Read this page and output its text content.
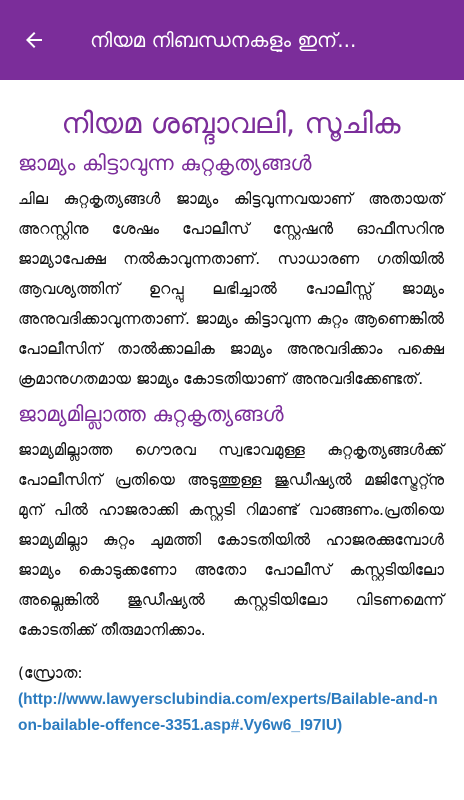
നിയമ നിബന്ധനകളും ഇന്...
നിയമ ശബ്ദാവലി, സൂചിക
ജാമ്യം കിട്ടാവുന്ന കുറ്റകൃത്യങ്ങൾ

ചില കുറ്റകൃത്യങ്ങൾ ജാമ്യം കിട്ടവുന്നവയാണ് അതായത് അറസ്റ്റിനു ശേഷം പോലീസ് സ്റ്റേഷൻ ഓഫീസറിനു ജാമ്യാപേക്ഷ നൽകാവുന്നതാണ്. സാധാരണ ഗതിയിൽ ആവശ്യത്തിന് ഉറപ്പു ലഭിച്ചാൽ പോലീസ്സ് ജാമ്യം അനുവദിക്കാവുന്നതാണ്. ജാമ്യം കിട്ടാവുന്ന കുറ്റം ആണെങ്കിൽ പോലീസിന് താൽക്കാലിക ജാമ്യം അനുവദിക്കാം പക്ഷെ ക്രമാനുഗതമായ ജാമ്യം കോടതിയാണ് അനുവദിക്കേണ്ടത്.

ജാമ്യമില്ലാത്ത കുറ്റകൃത്യങ്ങൾ

ജാമ്യമില്ലാത്ത ഗൌരവ സ്വഭാവമുള്ള കുറ്റകൃത്യങ്ങൾക്ക് പോലീസിന് പ്രതിയെ അടുത്തുള്ള ജുഡീഷ്യൽ മജിസ്ട്രേറ്റ്നു മുന് പിൽ ഹാജരാക്കി കസ്റ്റടി റിമാണ്ട് വാങ്ങണം.പ്രതിയെ ജാമ്യമില്ലാ കുറ്റം ചുമത്തി കോടതിയിൽ ഹാജരക്കുമ്പോൾ ജാമ്യം കൊടുക്കണോ അതോ പോലീസ് കസ്റ്റടിയിലോ അല്ലെങ്കിൽ ജുഡീഷ്യൽ കസ്റ്റടിയിലോ വിടണമെന്ന് കോടതിക്ക് തീരുമാനിക്കാം.

(സ്രോത:
(http://www.lawyersclubindia.com/experts/Bailable-and-non-bailable-offence-3351.asp#.Vy6w6_I97IU)
